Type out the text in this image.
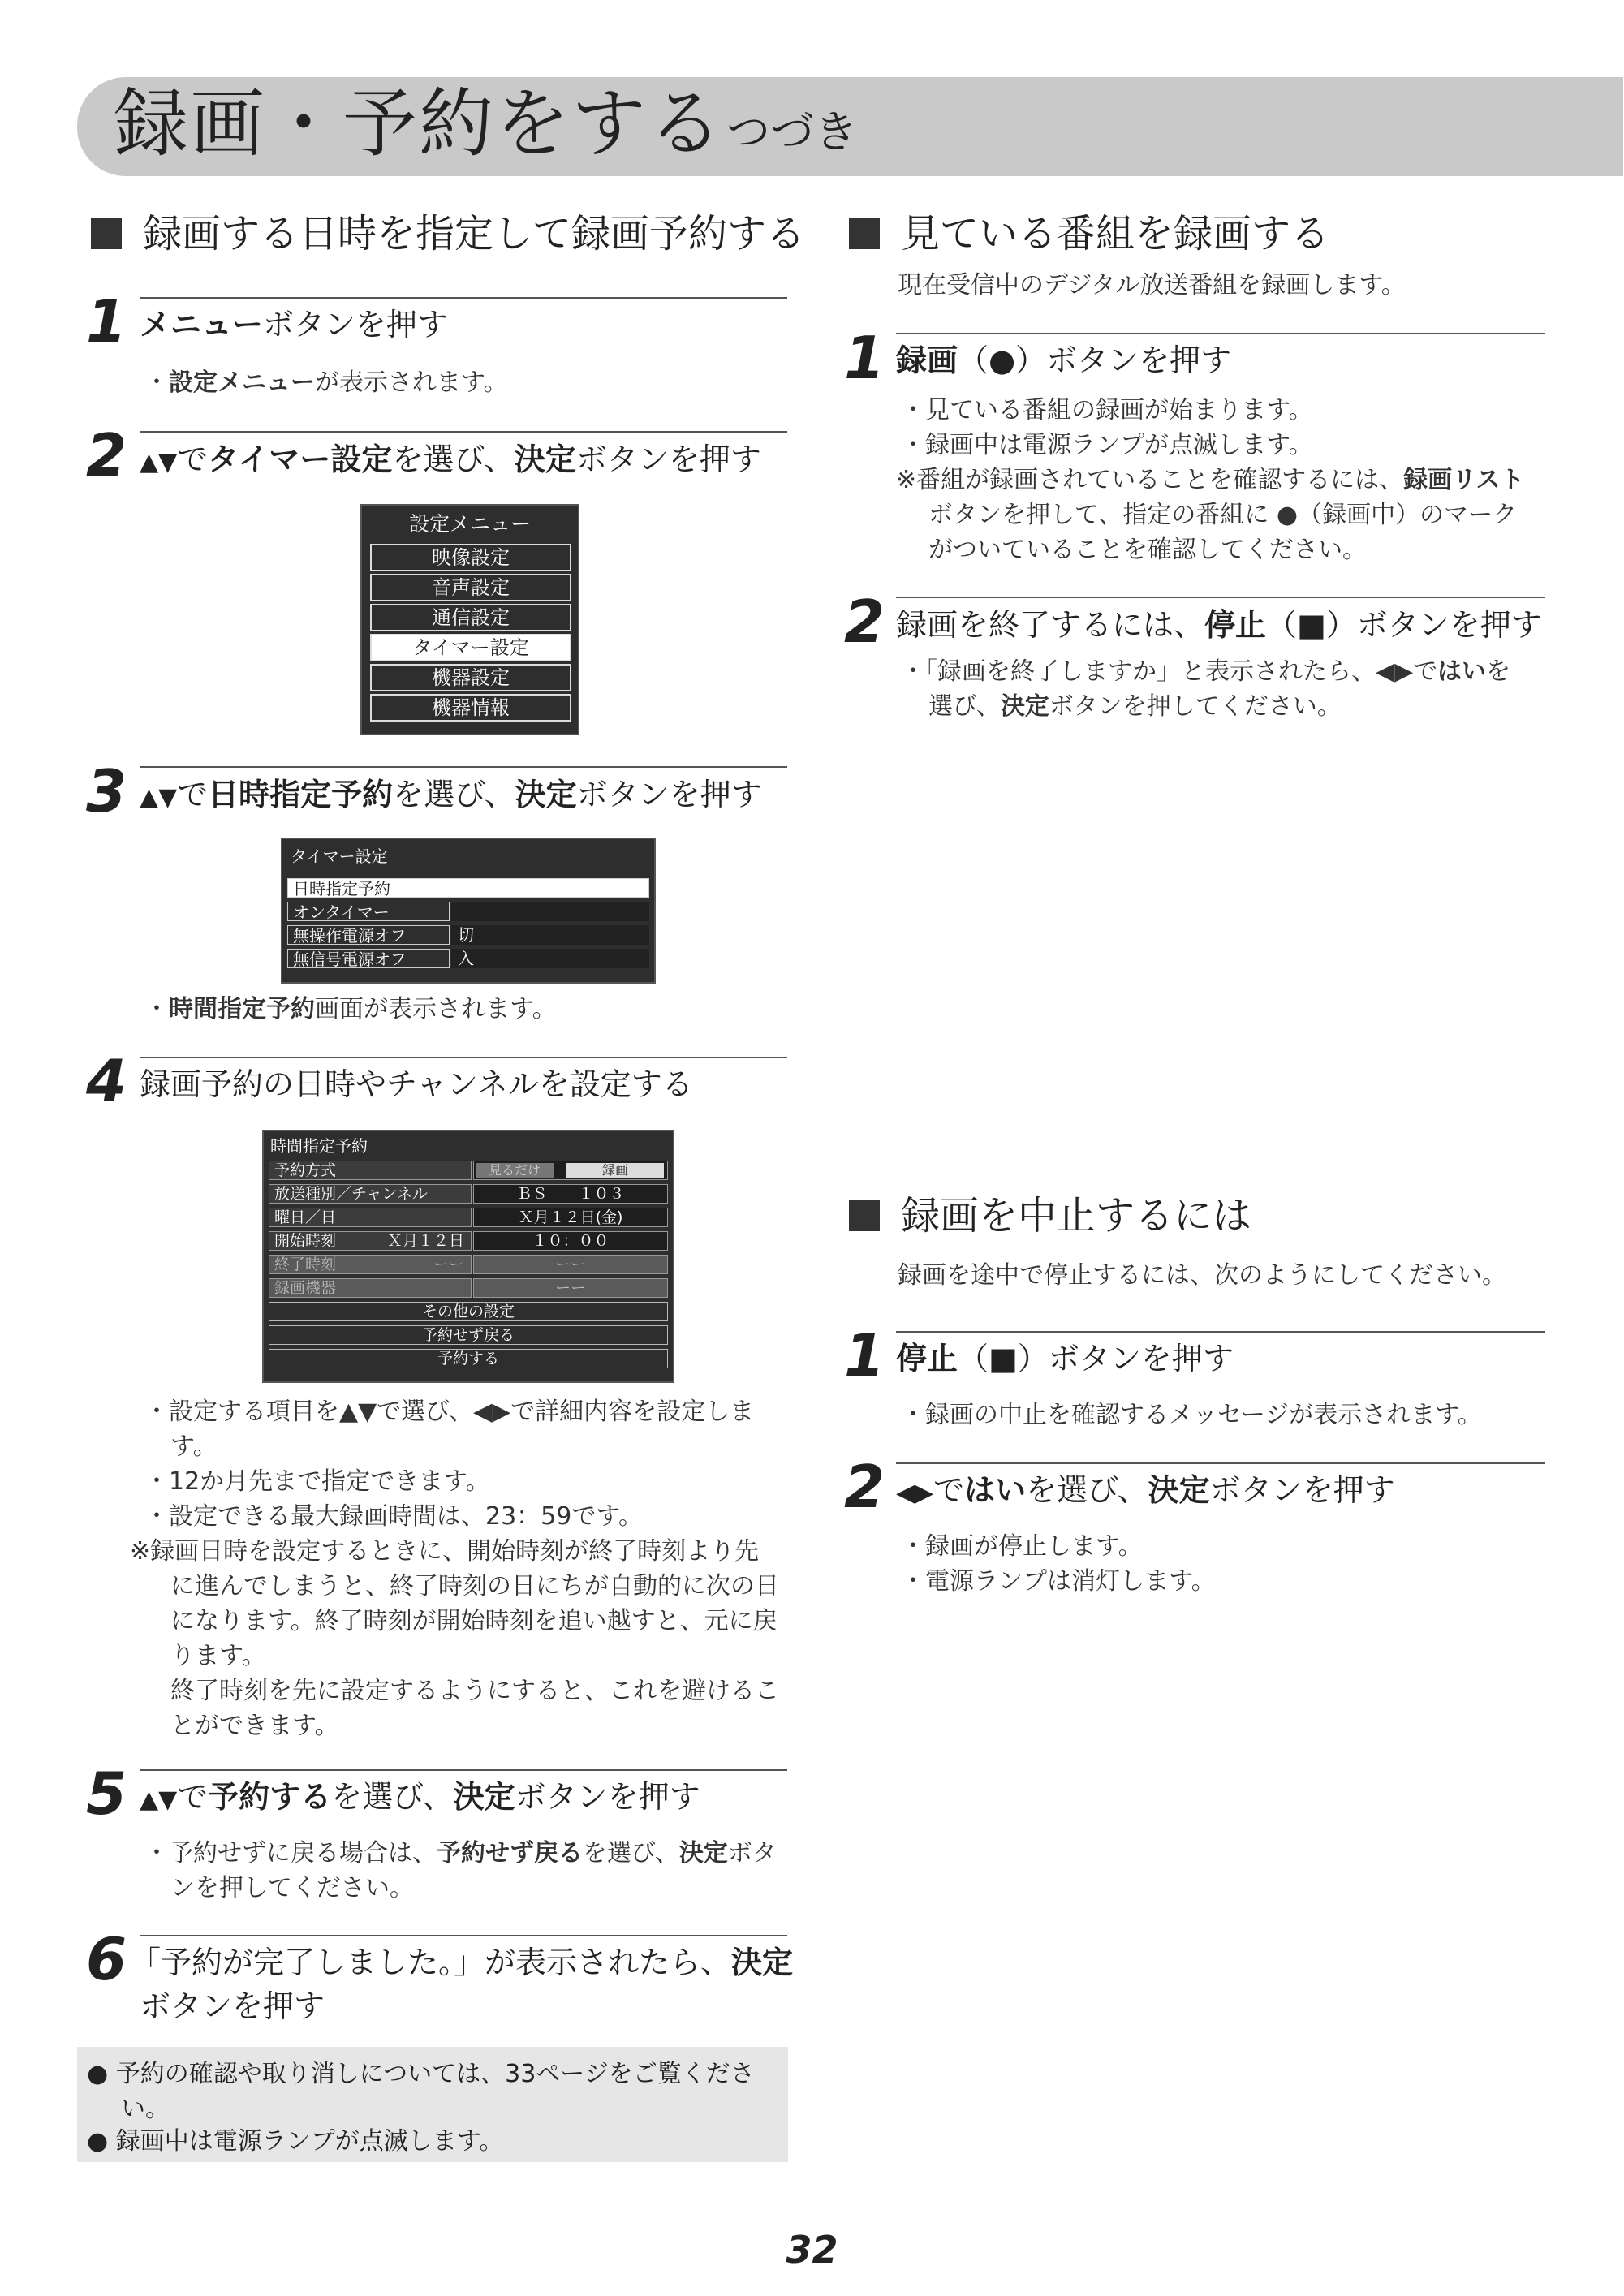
録画・予約をする つづき
録画する日時を指定して録画予約する
1 メニューボタンを押す
・設定メニューが表示されます。
2 ▲▼でタイマー設定を選び、決定ボタンを押す
設定メニュー
映像設定
音声設定
通信設定
タイマー設定
機器設定
機器情報
3 ▲▼で日時指定予約を選び、決定ボタンを押す
タイマー設定
日時指定予約
オンタイマー
無操作電源オフ	切
無信号電源オフ	入
・時間指定予約画面が表示されます。
4 録画予約の日時やチャンネルを設定する
時間指定予約
予約方式	見るだけ	録画
放送種別／チャンネル	ＢＳ　　１０３
曜日／日	Ｘ月１２日(金)
開始時刻	Ｘ月１２日	１０：００
終了時刻	ーー	ーー
録画機器	ーー
その他の設定
予約せず戻る
予約する
・設定する項目を▲▼で選び、◀▶で詳細内容を設定しま
す。
・12か月先まで指定できます。
・設定できる最大録画時間は、23：59です。
※録画日時を設定するときに、開始時刻が終了時刻より先
に進んでしまうと、終了時刻の日にちが自動的に次の日
になります。終了時刻が開始時刻を追い越すと、元に戻
ります。
終了時刻を先に設定するようにすると、これを避けるこ
とができます。
5 ▲▼で予約するを選び、決定ボタンを押す
・予約せずに戻る場合は、予約せず戻るを選び、決定ボタ
ンを押してください。
6 「予約が完了しました。」が表示されたら、決定
ボタンを押す
● 予約の確認や取り消しについては、33ページをご覧くださ
い。
● 録画中は電源ランプが点滅します。
見ている番組を録画する
現在受信中のデジタル放送番組を録画します。
1 録画（●）ボタンを押す
・見ている番組の録画が始まります。
・録画中は電源ランプが点滅します。
※番組が録画されていることを確認するには、録画リスト
ボタンを押して、指定の番組に ●（録画中）のマーク
がついていることを確認してください。
2 録画を終了するには、停止（■）ボタンを押す
・「録画を終了しますか」と表示されたら、◀▶ではいを
選び、決定ボタンを押してください。
録画を中止するには
録画を途中で停止するには、次のようにしてください。
1 停止（■）ボタンを押す
・録画の中止を確認するメッセージが表示されます。
2 ◀▶ではいを選び、決定ボタンを押す
・録画が停止します。
・電源ランプは消灯します。
32
